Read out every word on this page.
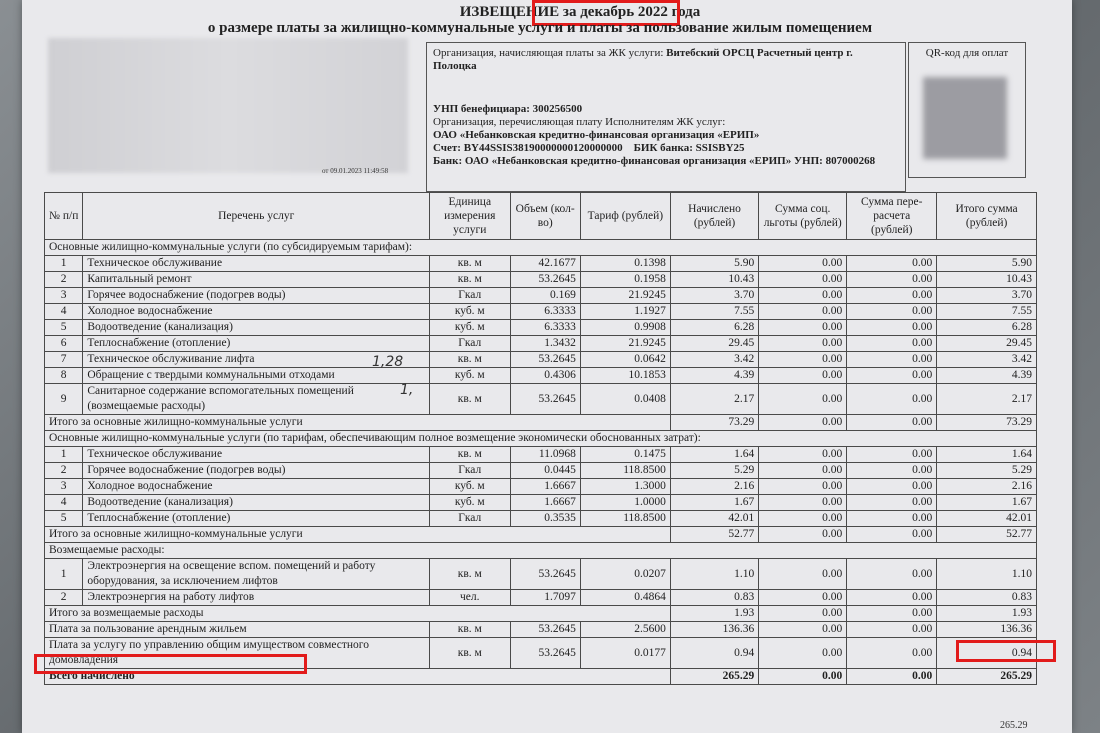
ИЗВЕЩЕНИЕ за декабрь 2022 года
о размере платы за жилищно-коммунальные услуги и платы за пользование жилым помещением
от 09.01.2023 11:49:58
Организация, начисляющая платы за ЖК услуги: Витебский ОРСЦ Расчетный центр г. Полоцка
УНП бенефициара: 300256500
Организация, перечисляющая плату Исполнителям ЖК услуг:
ОАО «Небанковская кредитно-финансовая организация «ЕРИП»
Счет: BY44SSIS38190000000120000000 БИК банка: SSISBY25
Банк: ОАО «Небанковская кредитно-финансовая организация «ЕРИП» УНП: 807000268
QR-код для оплат
№ п/п	Перечень услуг	Единица измерения услуги	Объем (кол-во)	Тариф (рублей)	Начислено (рублей)	Сумма соц. льготы (рублей)	Сумма пере- расчета (рублей)	Итого сумма (рублей)
Основные жилищно-коммунальные услуги (по субсидируемым тарифам):								
1	Техническое обслуживание	кв. м	42.1677	0.1398	5.90	0.00	0.00	5.90
2	Капитальный ремонт	кв. м	53.2645	0.1958	10.43	0.00	0.00	10.43
3	Горячее водоснабжение (подогрев воды)	Гкал	0.169	21.9245	3.70	0.00	0.00	3.70
4	Холодное водоснабжение	куб. м	6.3333	1.1927	7.55	0.00	0.00	7.55
5	Водоотведение (канализация)	куб. м	6.3333	0.9908	6.28	0.00	0.00	6.28
6	Теплоснабжение (отопление)	Гкал	1.3432	21.9245	29.45	0.00	0.00	29.45
7	Техническое обслуживание лифта	кв. м	53.2645	0.0642	3.42	0.00	0.00	3.42
8	Обращение с твердыми коммунальными отходами	куб. м	0.4306	10.1853	4.39	0.00	0.00	4.39
9	Санитарное содержание вспомогательных помещений (возмещаемые расходы)	кв. м	53.2645	0.0408	2.17	0.00	0.00	2.17
Итого за основные жилищно-коммунальные услуги					73.29	0.00	0.00	73.29
Основные жилищно-коммунальные услуги (по тарифам, обеспечивающим полное возмещение экономически обоснованных затрат):								
1	Техническое обслуживание	кв. м	11.0968	0.1475	1.64	0.00	0.00	1.64
2	Горячее водоснабжение (подогрев воды)	Гкал	0.0445	118.8500	5.29	0.00	0.00	5.29
3	Холодное водоснабжение	куб. м	1.6667	1.3000	2.16	0.00	0.00	2.16
4	Водоотведение (канализация)	куб. м	1.6667	1.0000	1.67	0.00	0.00	1.67
5	Теплоснабжение (отопление)	Гкал	0.3535	118.8500	42.01	0.00	0.00	42.01
Итого за основные жилищно-коммунальные услуги					52.77	0.00	0.00	52.77
Возмещаемые расходы:								
1	Электроэнергия на освещение вспом. помещений и работу оборудования, за исключением лифтов	кв. м	53.2645	0.0207	1.10	0.00	0.00	1.10
2	Электроэнергия на работу лифтов	чел.	1.7097	0.4864	0.83	0.00	0.00	0.83
Итого за возмещаемые расходы					1.93	0.00	0.00	1.93
Плата за пользование арендным жильем		кв. м	53.2645	2.5600	136.36	0.00	0.00	136.36
Плата за услугу по управлению общим имуществом совместного домовладения		кв. м	53.2645	0.0177	0.94	0.00	0.00	0.94
Всего начислено					265.29	0.00	0.00	265.29
265.29
1,28
1,
